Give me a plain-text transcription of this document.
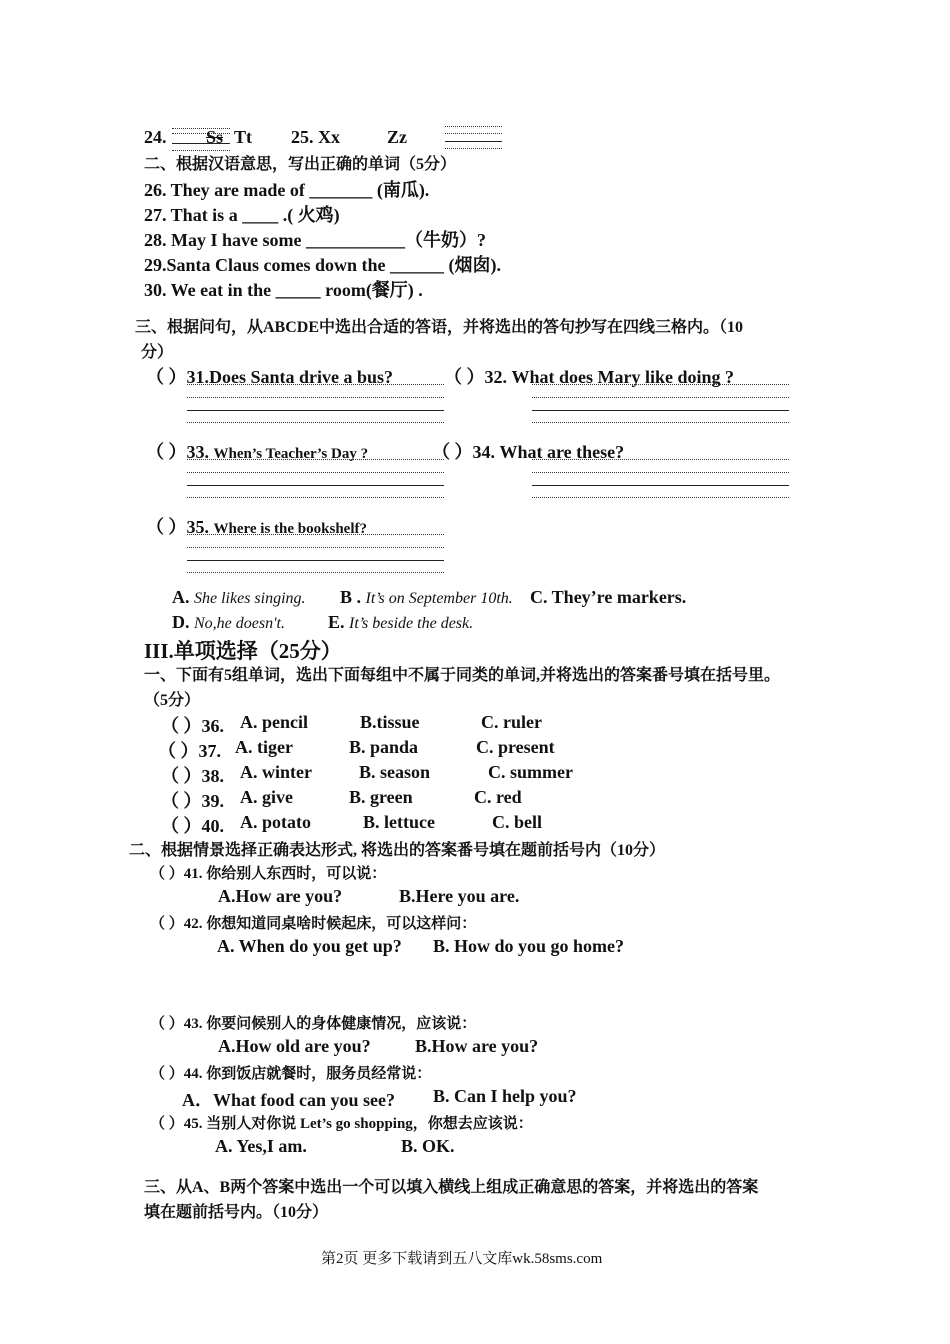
24. Ss Tt 25. Xx	Zz
二、根据汉语意思，写出正确的单词（5分）
26. They are made of _______ (南瓜).
27. That is a ____ .( 火鸡)
28. May I have some ___________（牛奶）?
29.Santa Claus comes down the ______ (烟囱).
30. We eat in the _____ room(餐厅) .
三、根据问句，从ABCDE中选出合适的答语，并将选出的答句抄写在四线三格内。（10
分）
（ ）31.Does Santa drive a bus?	（ ）32. What does Mary like doing ?
（ ）33. When’s Teacher’s Day ?	（ ）34. What are these?
（ ）35. Where is the bookshelf?
A. She likes singing. B . It’s on September 10th. C. They’re markers.
D. No,he doesn't. E. It’s beside the desk.
III.单项选择（25分）
一、下面有5组单词，选出下面每组中不属于同类的单词,并将选出的答案番号填在括号里。
（5分）
（ ）36. A. pencil	B.tissue	C. ruler
（ ）37. A. tiger	B. panda	C. present
（ ）38. A. winter	B. season	C. summer
（ ）39. A. give	B. green	C. red
（ ）40. A. potato	B. lettuce	C. bell
二、根据情景选择正确表达形式, 将选出的答案番号填在题前括号内（10分）
（ ）41. 你给别人东西时，可以说：
A.How are you?	B.Here you are.
（ ）42. 你想知道同桌啥时候起床，可以这样问：
A. When do you get up? B. How do you go home?
（ ）43. 你要问候别人的身体健康情况，应该说：
A.How old are you? B.How are you?
（ ）44. 你到饭店就餐时，服务员经常说：
A．What food can you see? B. Can I help you?
（ ）45. 当别人对你说 Let’s go shopping，你想去应该说：
A. Yes,I am.	B. OK.
三、从A、B两个答案中选出一个可以填入横线上组成正确意思的答案，并将选出的答案
填在题前括号内。（10分）
第2页 更多下载请到五八文库wk.58sms.com
